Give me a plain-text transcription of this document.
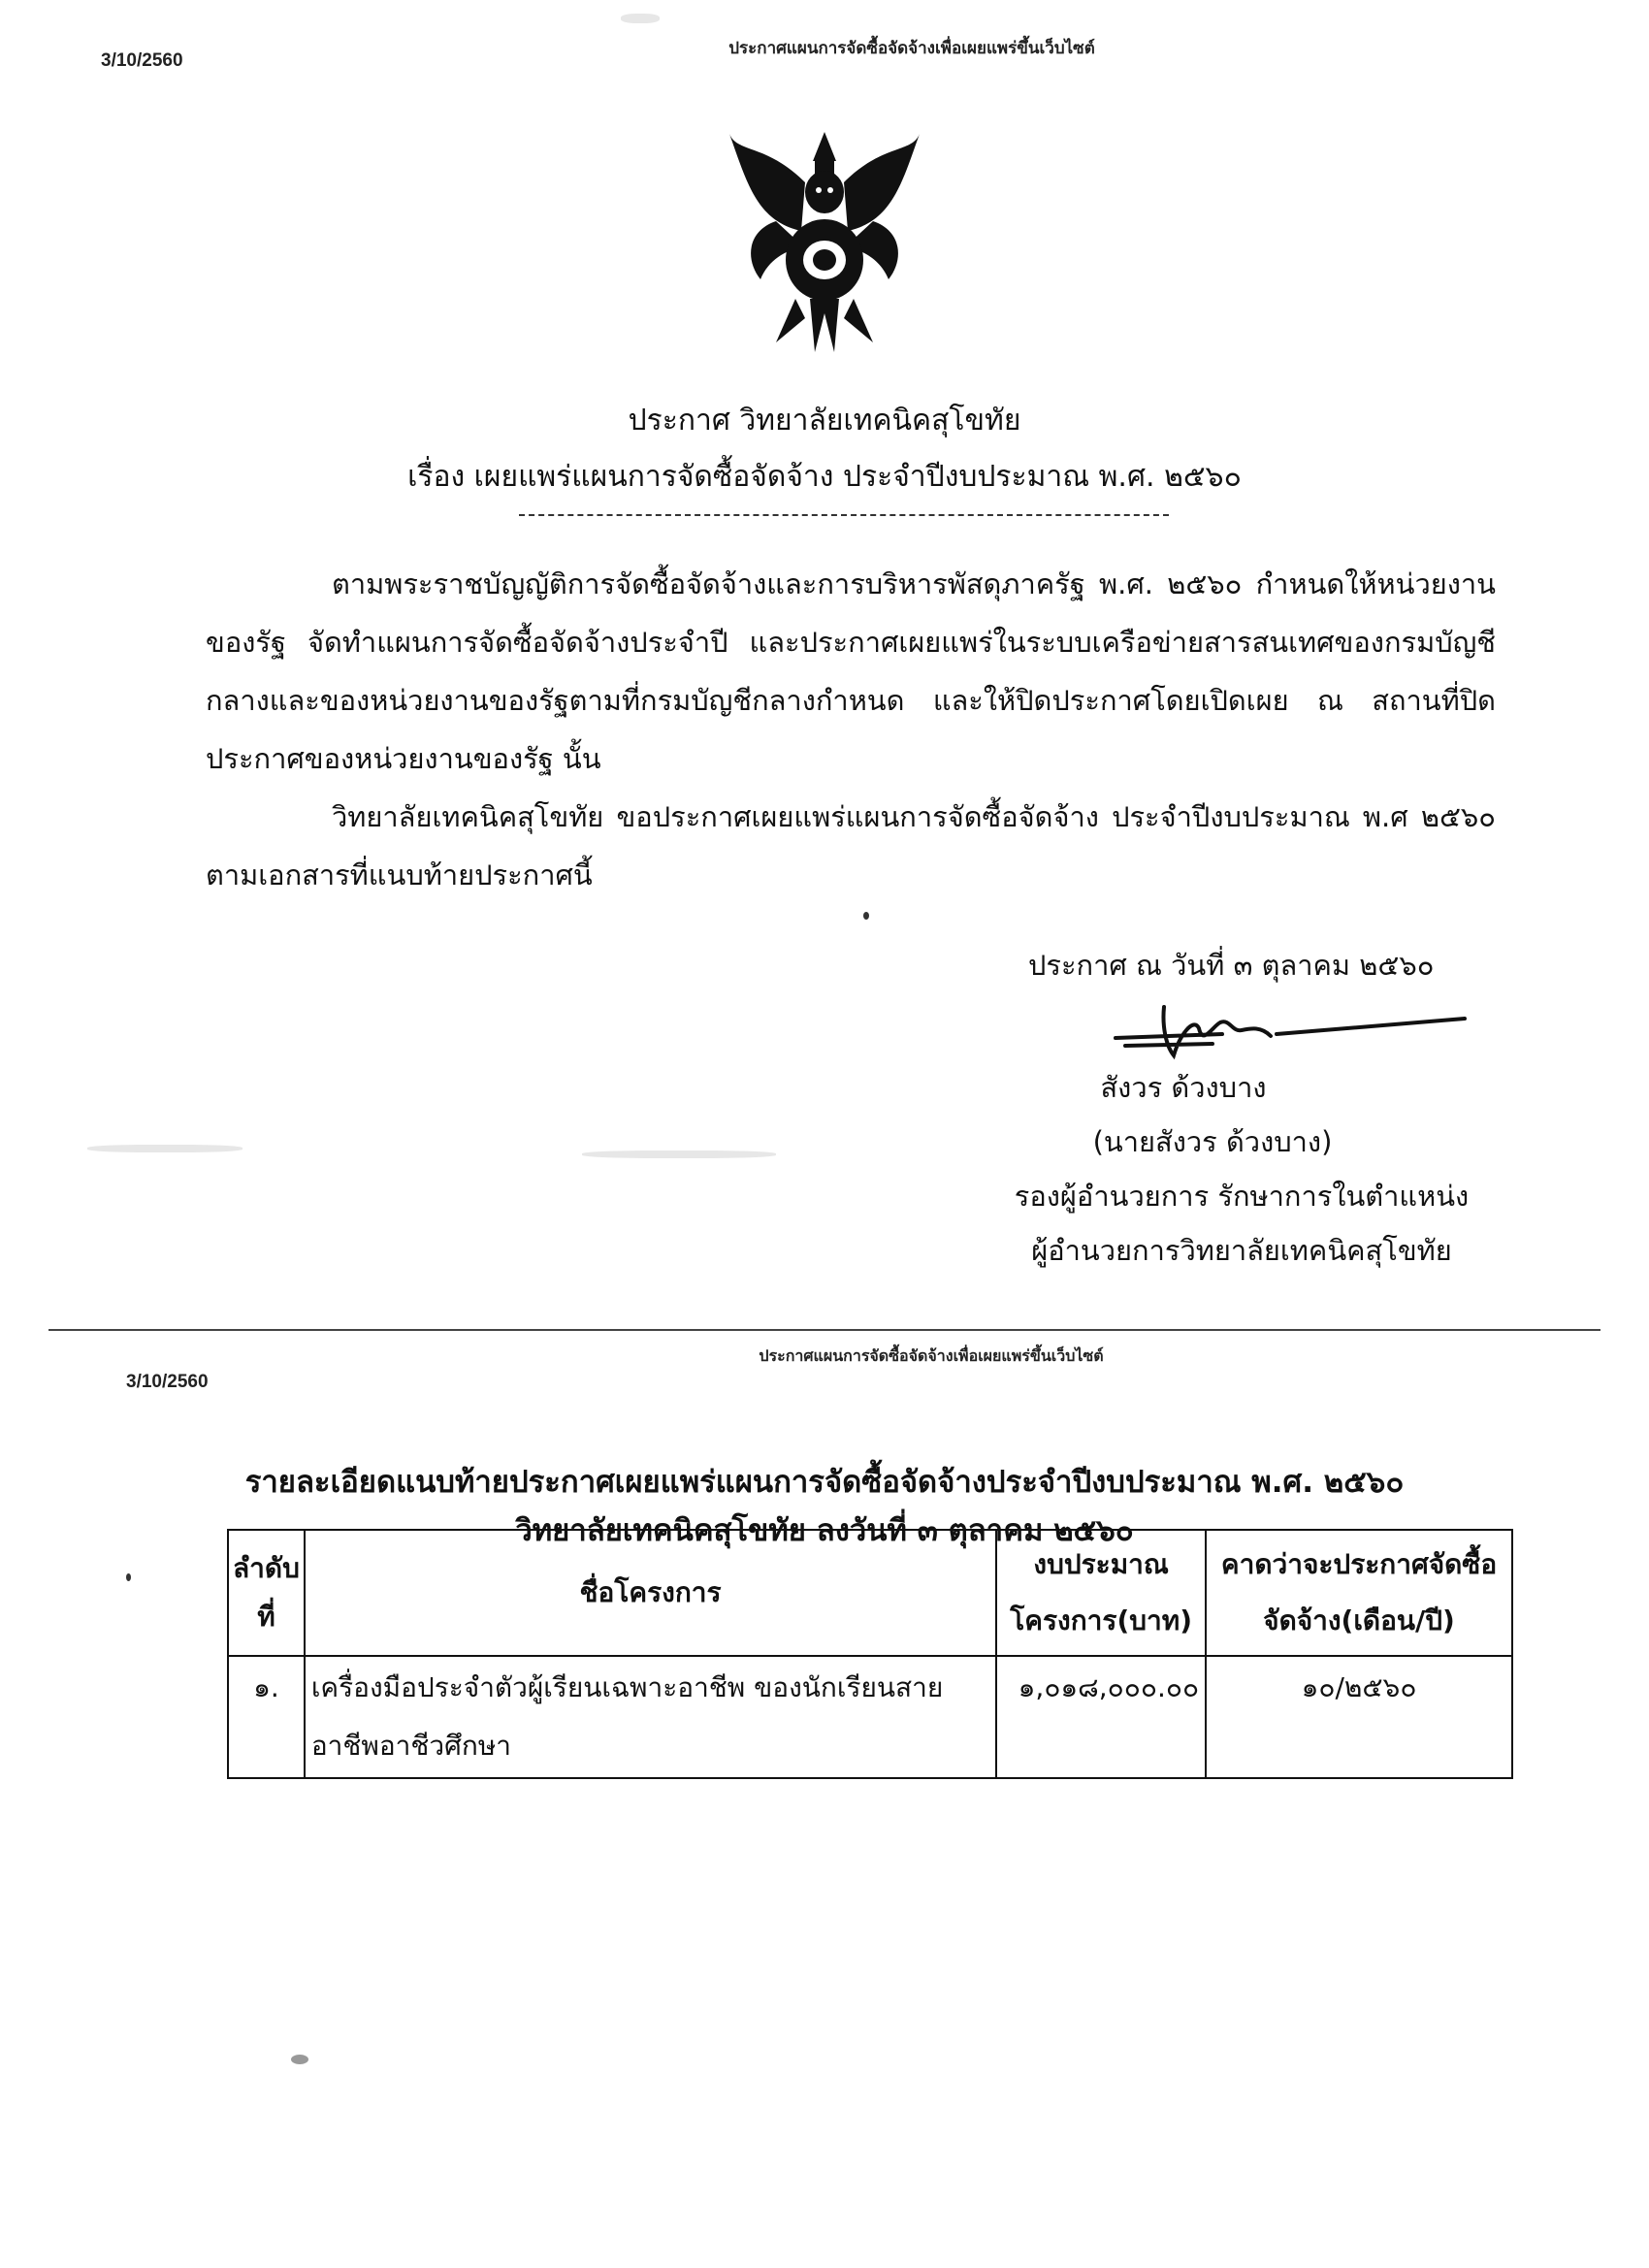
3/10/2560
ประกาศแผนการจัดซื้อจัดจ้างเพื่อเผยแพร่ขึ้นเว็บไซต์
ประกาศ วิทยาลัยเทคนิคสุโขทัย
เรื่อง เผยแพร่แผนการจัดซื้อจัดจ้าง ประจำปีงบประมาณ พ.ศ. ๒๕๖๐
ตามพระราชบัญญัติการจัดซื้อจัดจ้างและการบริหารพัสดุภาครัฐ พ.ศ. ๒๕๖๐ กำหนดให้หน่วยงานของรัฐ จัดทำแผนการจัดซื้อจัดจ้างประจำปี และประกาศเผยแพร่ในระบบเครือข่ายสารสนเทศของกรมบัญชีกลางและของหน่วยงานของรัฐตามที่กรมบัญชีกลางกำหนด และให้ปิดประกาศโดยเปิดเผย ณ สถานที่ปิดประกาศของหน่วยงานของรัฐ นั้น
วิทยาลัยเทคนิคสุโขทัย ขอประกาศเผยแพร่แผนการจัดซื้อจัดจ้าง ประจำปีงบประมาณ พ.ศ ๒๕๖๐ ตามเอกสารที่แนบท้ายประกาศนี้
ประกาศ ณ วันที่ ๓ ตุลาคม ๒๕๖๐
สังวร ด้วงบาง
(นายสังวร ด้วงบาง)
รองผู้อำนวยการ รักษาการในตำแหน่ง
ผู้อำนวยการวิทยาลัยเทคนิคสุโขทัย
ประกาศแผนการจัดซื้อจัดจ้างเพื่อเผยแพร่ขึ้นเว็บไซต์
3/10/2560
รายละเอียดแนบท้ายประกาศเผยแพร่แผนการจัดซื้อจัดจ้างประจำปีงบประมาณ พ.ศ. ๒๕๖๐
วิทยาลัยเทคนิคสุโขทัย ลงวันที่ ๓ ตุลาคม ๒๕๖๐
ลำดับที่	ชื่อโครงการ	งบประมาณโครงการ(บาท)	คาดว่าจะประกาศจัดซื้อจัดจ้าง(เดือน/ปี)
๑.	เครื่องมือประจำตัวผู้เรียนเฉพาะอาชีพ ของนักเรียนสายอาชีพอาชีวศึกษา	๑,๐๑๘,๐๐๐.๐๐	๑๐/๒๕๖๐
